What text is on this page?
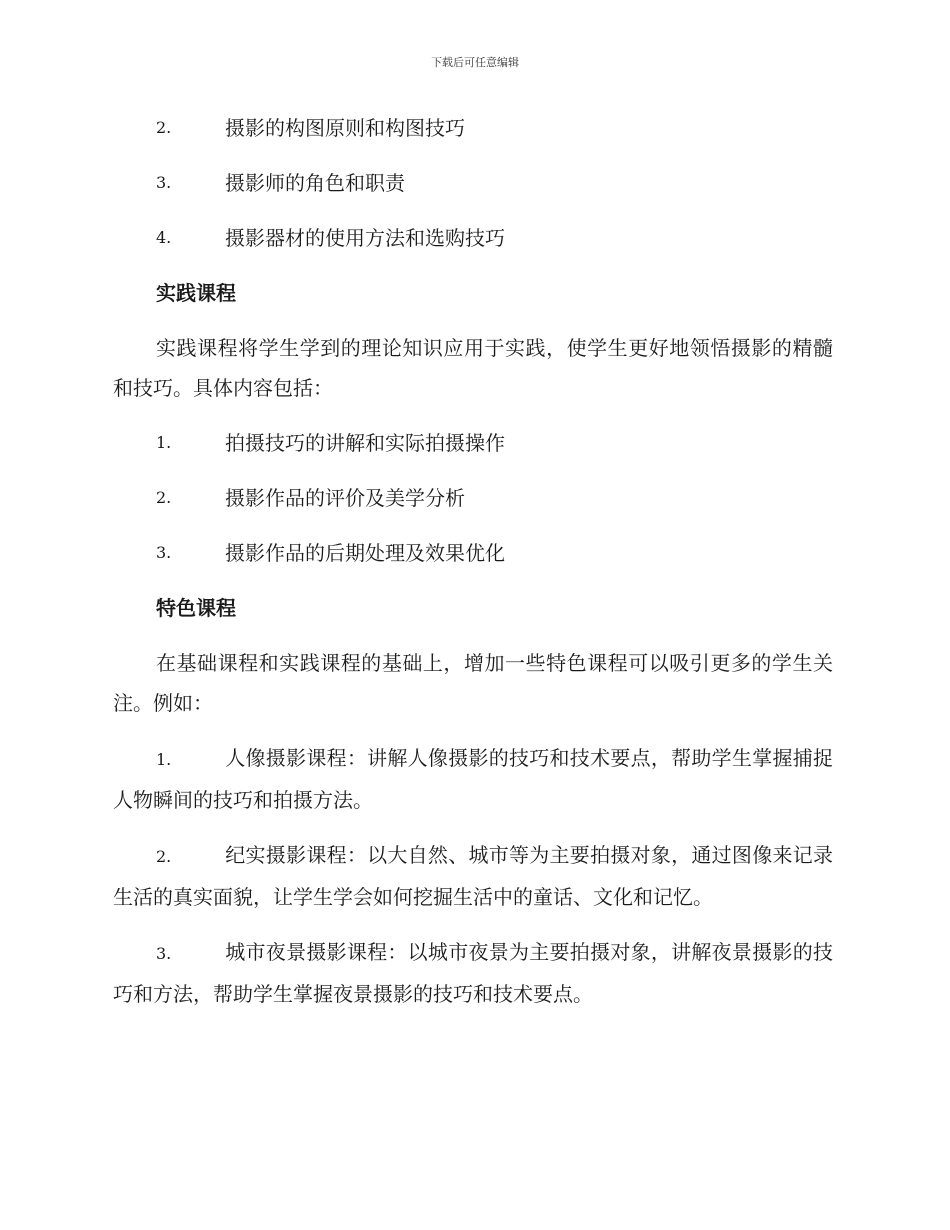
下载后可任意编辑
2.	摄影的构图原则和构图技巧
3.	摄影师的角色和职责
4.	摄影器材的使用方法和选购技巧
实践课程

实践课程将学生学到的理论知识应用于实践，使学生更好地领悟摄影的精髓和技巧。具体内容包括：

1.	拍摄技巧的讲解和实际拍摄操作
2.	摄影作品的评价及美学分析
3.	摄影作品的后期处理及效果优化
特色课程

在基础课程和实践课程的基础上，增加一些特色课程可以吸引更多的学生关注。例如：

1.	人像摄影课程：讲解人像摄影的技巧和技术要点，帮助学生掌握捕捉人物瞬间的技巧和拍摄方法。

2.	纪实摄影课程：以大自然、城市等为主要拍摄对象，通过图像来记录生活的真实面貌，让学生学会如何挖掘生活中的童话、文化和记忆。

3.	城市夜景摄影课程：以城市夜景为主要拍摄对象，讲解夜景摄影的技巧和方法，帮助学生掌握夜景摄影的技巧和技术要点。
